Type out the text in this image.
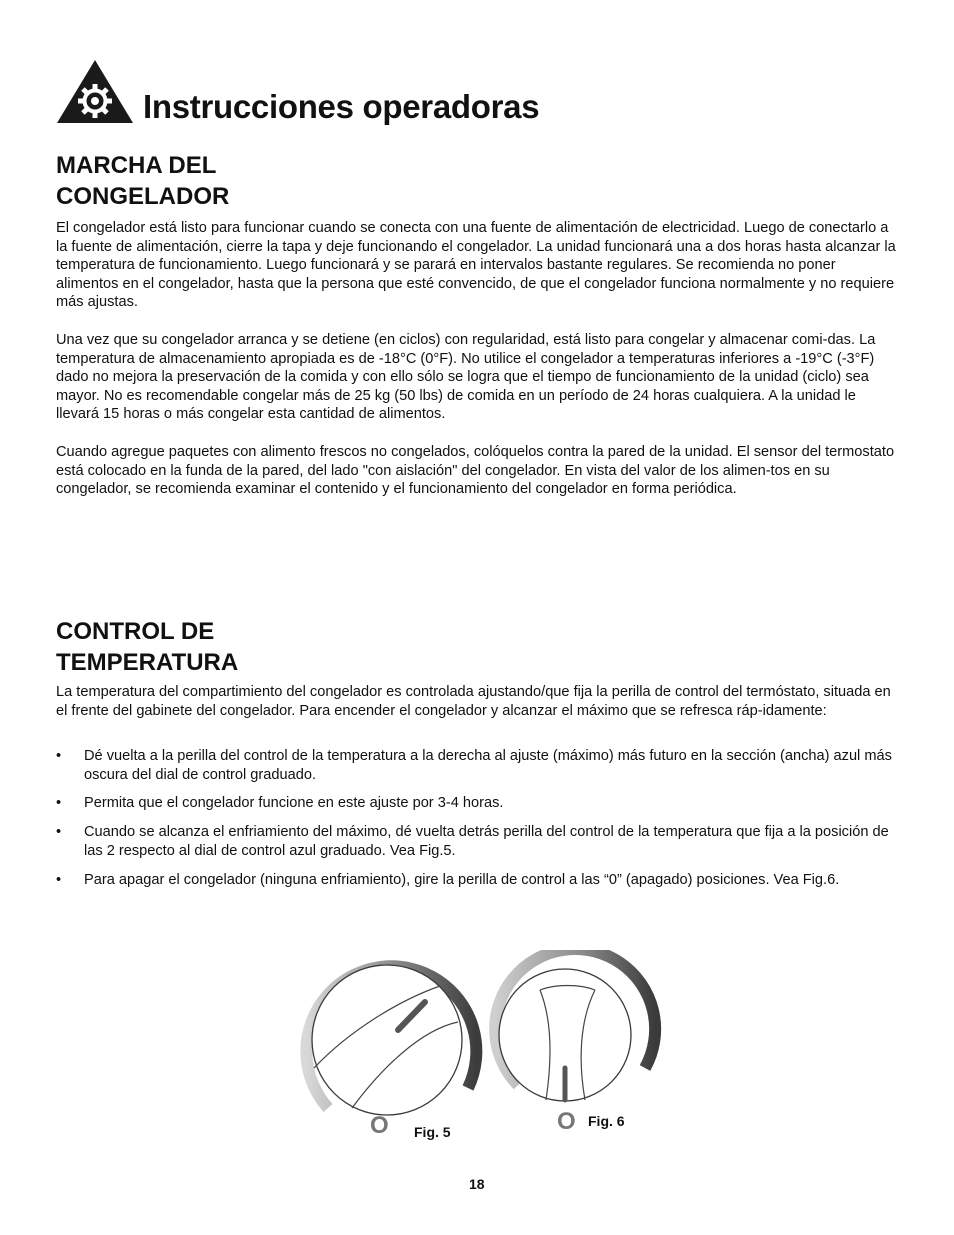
Instrucciones operadoras
MARCHA DEL
CONGELADOR

El congelador está listo para funcionar cuando se conecta con una fuente de alimentación de electricidad. Luego de conectarlo a la fuente de alimentación, cierre la tapa y deje funcionando el congelador. La unidad funcionará una a dos horas hasta alcanzar la temperatura de funcionamiento. Luego funcionará y se parará en intervalos bastante regulares. Se recomienda no poner alimentos en el congelador, hasta que la persona que esté convencido, de que el congelador funciona normalmente y no requiere más ajustas.

Una vez que su congelador arranca y se detiene (en ciclos) con regularidad, está listo para congelar y almacenar comi-das. La temperatura de almacenamiento apropiada es de -18°C (0°F). No utilice el congelador a temperaturas inferiores a -19°C (-3°F) dado no mejora la preservación de la comida y con ello sólo se logra que el tiempo de funcionamiento de la unidad (ciclo) sea mayor. No es recomendable congelar más de 25 kg (50 lbs) de comida en un período de 24 horas cualquiera. A la unidad le llevará 15 horas o más congelar esta cantidad de alimentos.

Cuando agregue paquetes con alimento frescos no congelados, colóquelos contra la pared de la unidad. El sensor del termostato está colocado en la funda de la pared, del lado "con aislación" del congelador. En vista del valor de los alimen-tos en su congelador, se recomienda examinar el contenido y el funcionamiento del congelador en forma periódica.

CONTROL DE
TEMPERATURA

La temperatura del compartimiento del congelador es controlada ajustando/que fija la perilla de control del termóstato, situada en el frente del gabinete del congelador. Para encender el congelador y alcanzar el máximo que se refresca ráp-idamente:

• Dé vuelta a la perilla del control de la temperatura a la derecha al ajuste (máximo) más futuro en la sección (ancha) azul más oscura del dial de control graduado.
• Permita que el congelador funcione en este ajuste por 3-4 horas.
• Cuando se alcanza el enfriamiento del máximo, dé vuelta detrás perilla del control de la temperatura que fija a la posición de las 2 respecto al dial de control azul graduado. Vea Fig.5.
• Para apagar el congelador (ninguna enfriamiento), gire la perilla de control a las “0” (apagado) posiciones. Vea Fig.6.
O Fig. 5	O Fig. 6
18
